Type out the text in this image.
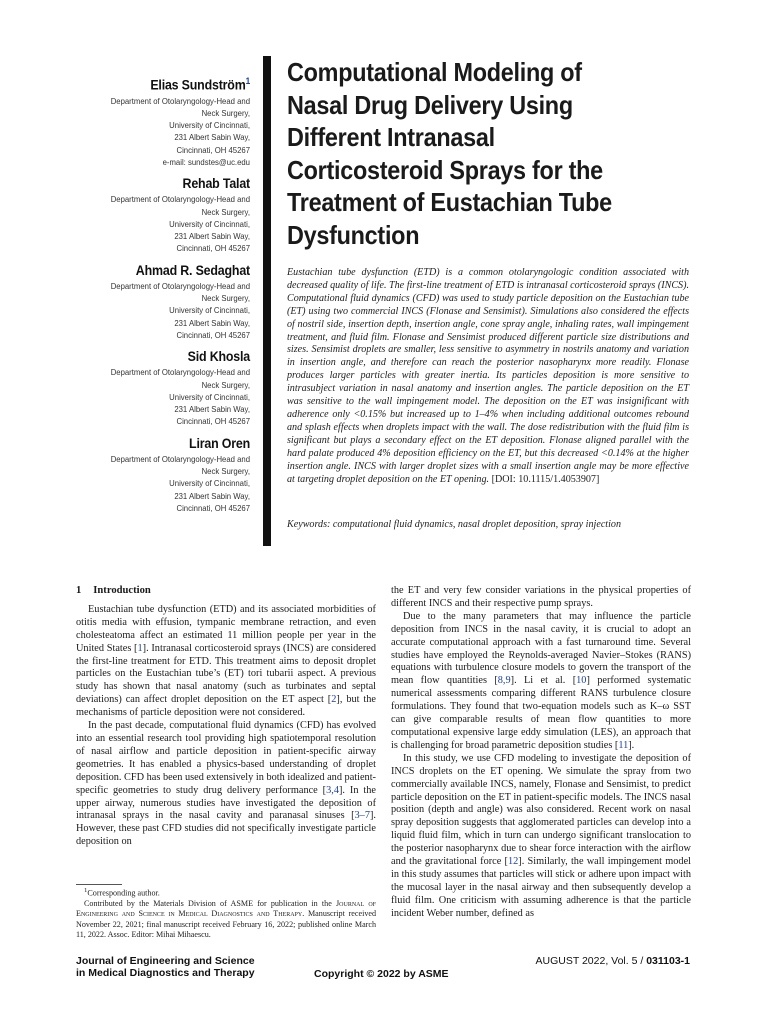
Elias Sundström$^1$
Department of Otolaryngology-Head and
Neck Surgery,
University of Cincinnati,
231 Albert Sabin Way,
Cincinnati, OH 45267
e-mail: sundstes@uc.edu
Rehab Talat
Department of Otolaryngology-Head and
Neck Surgery,
University of Cincinnati,
231 Albert Sabin Way,
Cincinnati, OH 45267
Ahmad R. Sedaghat
Department of Otolaryngology-Head and
Neck Surgery,
University of Cincinnati,
231 Albert Sabin Way,
Cincinnati, OH 45267
Sid Khosla
Department of Otolaryngology-Head and
Neck Surgery,
University of Cincinnati,
231 Albert Sabin Way,
Cincinnati, OH 45267
Liran Oren
Department of Otolaryngology-Head and
Neck Surgery,
University of Cincinnati,
231 Albert Sabin Way,
Cincinnati, OH 45267
Computational Modeling of
Nasal Drug Delivery Using
Different Intranasal
Corticosteroid Sprays for the
Treatment of Eustachian Tube
Dysfunction
Eustachian tube dysfunction (ETD) is a common otolaryngologic condition associated with decreased quality of life. The first-line treatment of ETD is intranasal corticosteroid sprays (INCS). Computational fluid dynamics (CFD) was used to study particle deposition on the Eustachian tube (ET) using two commercial INCS (Flonase and Sensimist). Simulations also considered the effects of nostril side, insertion depth, insertion angle, cone spray angle, inhaling rates, wall impingement treatment, and fluid film. Flonase and Sensimist produced different particle size distributions and sizes. Sensimist droplets are smaller, less sensitive to asymmetry in nostrils anatomy and variation in insertion angle, and therefore can reach the posterior nasopharynx more readily. Flonase produces larger particles with greater inertia. Its particles deposition is more sensitive to intrasubject variation in nasal anatomy and insertion angles. The particle deposition on the ET was sensitive to the wall impingement model. The deposition on the ET was insignificant with adherence only <0.15% but increased up to 1–4% when including additional outcomes rebound and splash effects when droplets impact with the wall. The dose redistribution with the fluid film is significant but plays a secondary effect on the ET deposition. Flonase aligned parallel with the hard palate produced 4% deposition efficiency on the ET, but this decreased <0.14% at the higher insertion angle. INCS with larger droplet sizes with a small insertion angle may be more effective at targeting droplet deposition on the ET opening. [DOI: 10.1115/1.4053907]
Keywords: computational fluid dynamics, nasal droplet deposition, spray injection
1 Introduction

Eustachian tube dysfunction (ETD) and its associated morbidities of otitis media with effusion, tympanic membrane retraction, and even cholesteatoma affect an estimated 11 million people per year in the United States [1]. Intranasal corticosteroid sprays (INCS) are considered the first-line treatment for ETD. This treatment aims to deposit droplet particles on the Eustachian tube’s (ET) tori tubarii aspect. A previous study has shown that nasal anatomy (such as turbinates and septal deviations) can affect droplet deposition on the ET aspect [2], but the mechanisms of particle deposition were not considered.

In the past decade, computational fluid dynamics (CFD) has evolved into an essential research tool providing high spatiotemporal resolution of nasal airflow and particle deposition in patient-specific airway geometries. It has enabled a physics-based understanding of droplet deposition. CFD has been used extensively in both idealized and patient-specific geometries to study drug delivery performance [3,4]. In the upper airway, numerous studies have investigated the deposition of intranasal sprays in the nasal cavity and paranasal sinuses [3–7]. However, these past CFD studies did not specifically investigate particle deposition on

the ET and very few consider variations in the physical properties of different INCS and their respective pump sprays.

Due to the many parameters that may influence the particle deposition from INCS in the nasal cavity, it is crucial to adopt an accurate computational approach with a fast turnaround time. Several studies have employed the Reynolds-averaged Navier–Stokes (RANS) equations with turbulence closure models to govern the transport of the mean flow quantities [8,9]. Li et al. [10] performed systematic numerical assessments comparing different RANS turbulence closure formulations. They found that two-equation models such as K–ω SST can give comparable results of mean flow quantities to more computational expensive large eddy simulation (LES), an approach that is challenging for broad parametric deposition studies [11].

In this study, we use CFD modeling to investigate the deposition of INCS droplets on the ET opening. We simulate the spray from two commercially available INCS, namely, Flonase and Sensimist, to predict particle deposition on the ET in patient-specific models. The INCS nasal position (depth and angle) was also considered. Recent work on nasal spray deposition suggests that agglomerated particles can develop into a liquid fluid film, which in turn can undergo significant translocation to the posterior nasopharynx due to shear force interaction with the airflow and the gravitational force [12]. Similarly, the wall impingement model in this study assumes that particles will stick or adhere upon impact with the mucosal layer in the nasal airway and then subsequently develop a fluid film. One criticism with assuming adherence is that the particle incident Weber number, defined as

$^1$Corresponding author.

Contributed by the Materials Division of ASME for publication in the Journal of Engineering and Science in Medical Diagnostics and Therapy. Manuscript received November 22, 2021; final manuscript received February 16, 2022; published online March 11, 2022. Assoc. Editor: Mihai Mihaescu.

Journal of Engineering and Science
in Medical Diagnostics and Therapy	Copyright © 2022 by ASME
AUGUST 2022, Vol. 5 / 031103-1
